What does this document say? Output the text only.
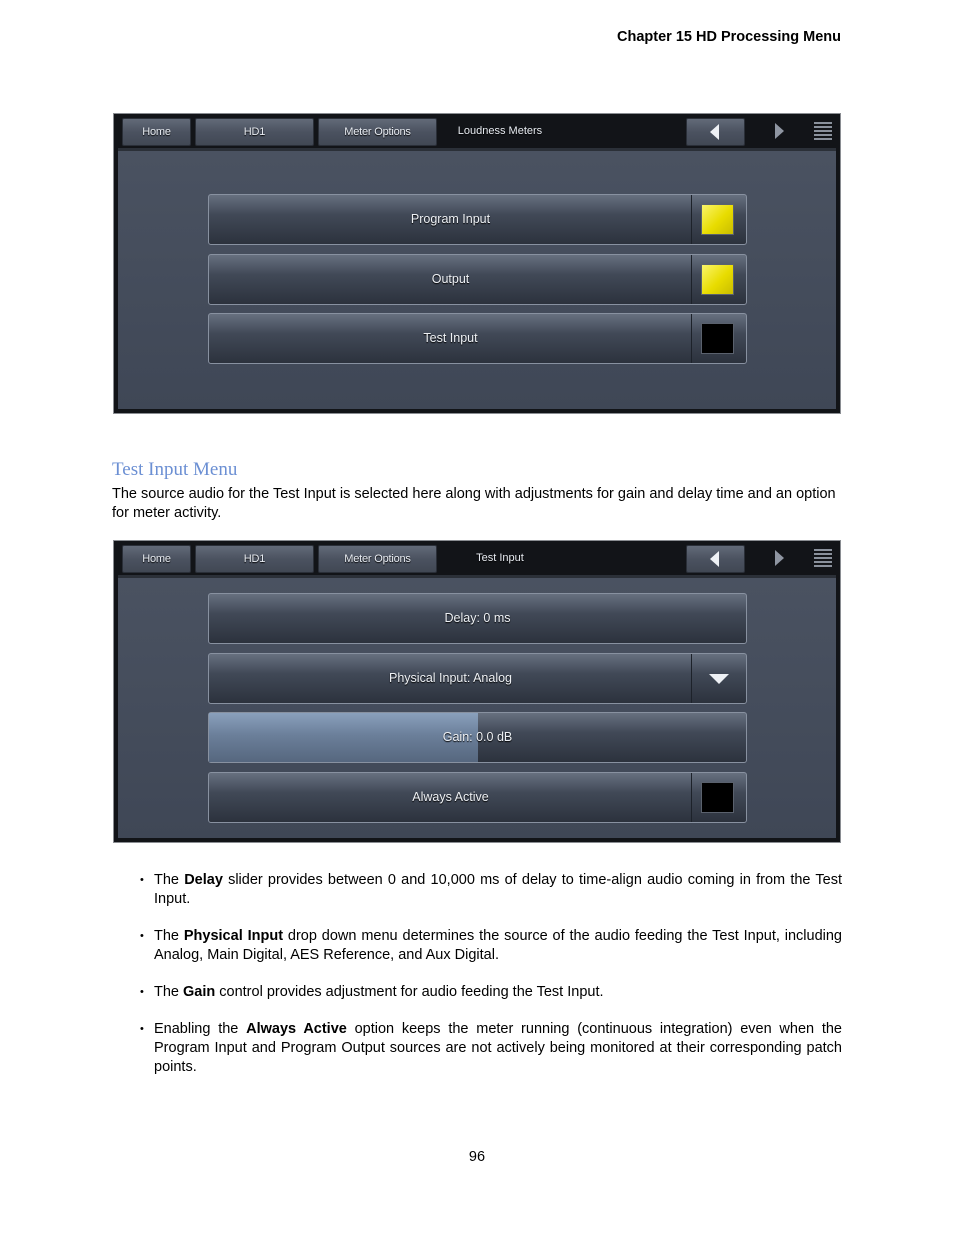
Chapter 15 HD Processing Menu
Home	HD1	Meter Options	Loudness Meters
Program Input
Output
Test Input
Test Input Menu
The source audio for the Test Input is selected here along with adjustments for gain and delay time and an option for meter activity.
Home	HD1	Meter Options	Test Input
Delay: 0 ms
Physical Input: Analog
Gain: 0.0 dB
Always Active
• The Delay slider provides between 0 and 10,000 ms of delay to time-align audio coming in from the Test Input.
• The Physical Input drop down menu determines the source of the audio feeding the Test Input, including Analog, Main Digital, AES Reference, and Aux Digital.
• The Gain control provides adjustment for audio feeding the Test Input.
• Enabling the Always Active option keeps the meter running (continuous integration) even when the Program Input and Program Output sources are not actively being monitored at their corresponding patch points.
96
